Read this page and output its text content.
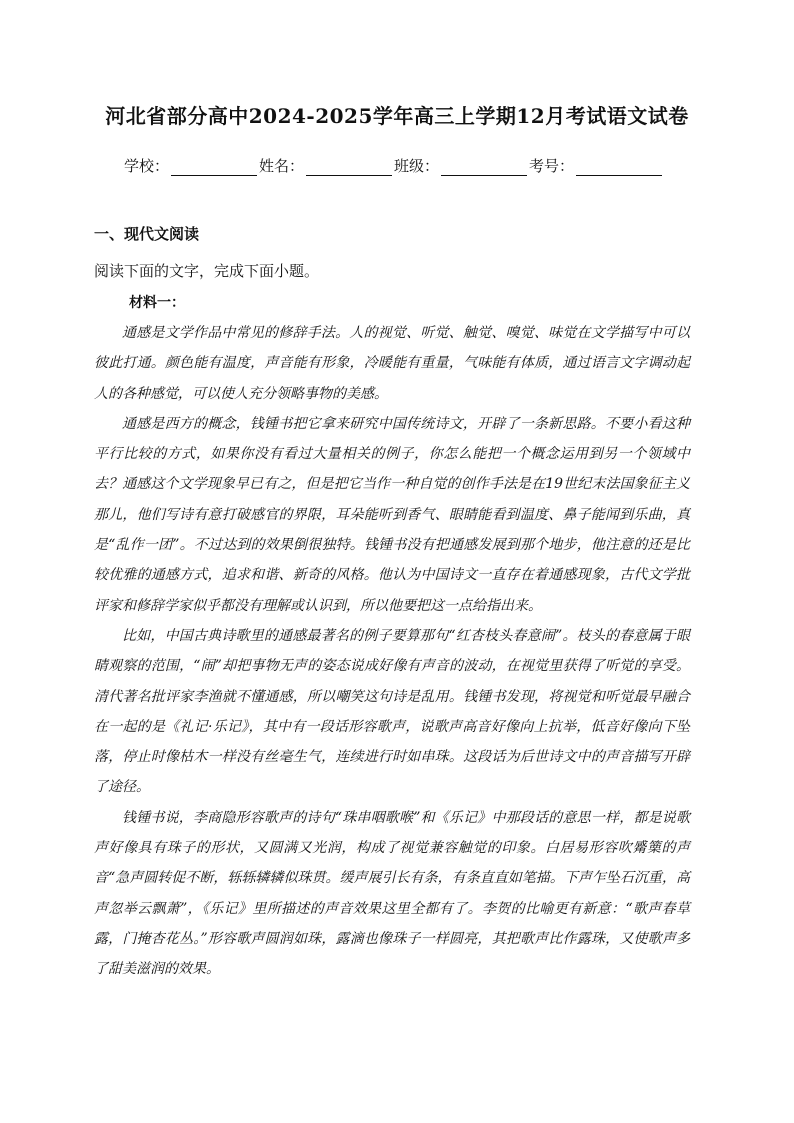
河北省部分高中2024-2025学年高三上学期12月考试语文试卷
学校：	姓名：	班级：	考号：
一、现代文阅读
阅读下面的文字，完成下面小题。
材料一：

通感是文学作品中常见的修辞手法。人的视觉、听觉、触觉、嗅觉、味觉在文学描写中可以彼此打通。颜色能有温度，声音能有形象，冷暖能有重量，气味能有体质，通过语言文字调动起人的各种感觉，可以使人充分领略事物的美感。

通感是西方的概念，钱锺书把它拿来研究中国传统诗文，开辟了一条新思路。不要小看这种平行比较的方式，如果你没有看过大量相关的例子，你怎么能把一个概念运用到另一个领域中去？通感这个文学现象早已有之，但是把它当作一种自觉的创作手法是在19世纪末法国象征主义那儿，他们写诗有意打破感官的界限，耳朵能听到香气、眼睛能看到温度、鼻子能闻到乐曲，真是“乱作一团”。不过达到的效果倒很独特。钱锺书没有把通感发展到那个地步，他注意的还是比较优雅的通感方式，追求和谐、新奇的风格。他认为中国诗文一直存在着通感现象，古代文学批评家和修辞学家似乎都没有理解或认识到，所以他要把这一点给指出来。

比如，中国古典诗歌里的通感最著名的例子要算那句“红杏枝头春意闹”。枝头的春意属于眼睛观察的范围，“闹”却把事物无声的姿态说成好像有声音的波动，在视觉里获得了听觉的享受。清代著名批评家李渔就不懂通感，所以嘲笑这句诗是乱用。钱锺书发现，将视觉和听觉最早融合在一起的是《礼记·乐记》，其中有一段话形容歌声，说歌声高音好像向上抗举，低音好像向下坠落，停止时像枯木一样没有丝毫生气，连续进行时如串珠。这段话为后世诗文中的声音描写开辟了途径。

钱锺书说，李商隐形容歌声的诗句“珠串咽歌喉”和《乐记》中那段话的意思一样，都是说歌声好像具有珠子的形状，又圆满又光润，构成了视觉兼容触觉的印象。白居易形容吹觱篥的声音“急声圆转促不断，轹轹辚辚似珠贯。缓声展引长有条，有条直直如笔描。下声乍坠石沉重，高声忽举云飘萧”，《乐记》里所描述的声音效果这里全都有了。李贺的比喻更有新意：“歌声春草露，门掩杏花丛。”形容歌声圆润如珠，露滴也像珠子一样圆亮，其把歌声比作露珠，又使歌声多了甜美滋润的效果。
